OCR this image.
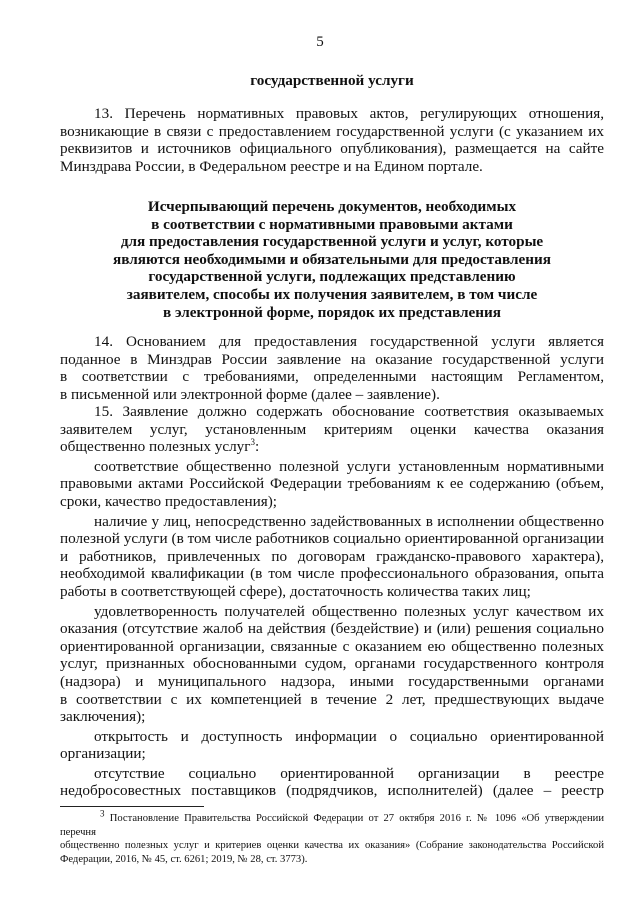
5
государственной услуги

13. Перечень нормативных правовых актов, регулирующих отношения,

возникающие в связи с предоставлением государственной услуги (с указанием их

реквизитов и источников официального опубликования), размещается на сайте

Минздрава России, в Федеральном реестре и на Едином портале.

Исчерпывающий перечень документов, необходимых

в соответствии с нормативными правовыми актами

для предоставления государственной услуги и услуг, которые

являются необходимыми и обязательными для предоставления

государственной услуги, подлежащих представлению

заявителем, способы их получения заявителем, в том числе

в электронной форме, порядок их представления

14. Основанием для предоставления государственной услуги является

поданное в Минздрав России заявление на оказание государственной услуги

в соответствии с требованиями, определенными настоящим Регламентом,

в письменной или электронной форме (далее – заявление).

15. Заявление должно содержать обоснование соответствия оказываемых

заявителем услуг, установленным критериям оценки качества оказания

общественно полезных услуг$^3$:

соответствие общественно полезной услуги установленным нормативными

правовыми актами Российской Федерации требованиям к ее содержанию (объем,

сроки, качество предоставления);

наличие у лиц, непосредственно задействованных в исполнении общественно

полезной услуги (в том числе работников социально ориентированной организации

и работников, привлеченных по договорам гражданско-правового характера),

необходимой квалификации (в том числе профессионального образования, опыта

работы в соответствующей сфере), достаточность количества таких лиц;

удовлетворенность получателей общественно полезных услуг качеством их

оказания (отсутствие жалоб на действия (бездействие) и (или) решения социально

ориентированной организации, связанные с оказанием ею общественно полезных

услуг, признанных обоснованными судом, органами государственного контроля

(надзора) и муниципального надзора, иными государственными органами

в соответствии с их компетенцией в течение 2 лет, предшествующих выдаче

заключения);

открытость и доступность информации о социально ориентированной

организации;

отсутствие социально ориентированной организации в реестре

недобросовестных поставщиков (подрядчиков, исполнителей) (далее – реестр

$^3$ Постановление Правительства Российской Федерации от 27 октября 2016 г. № 1096 «Об утверждении перечня

общественно полезных услуг и критериев оценки качества их оказания» (Собрание законодательства Российской

Федерации, 2016, № 45, ст. 6261; 2019, № 28, ст. 3773).
